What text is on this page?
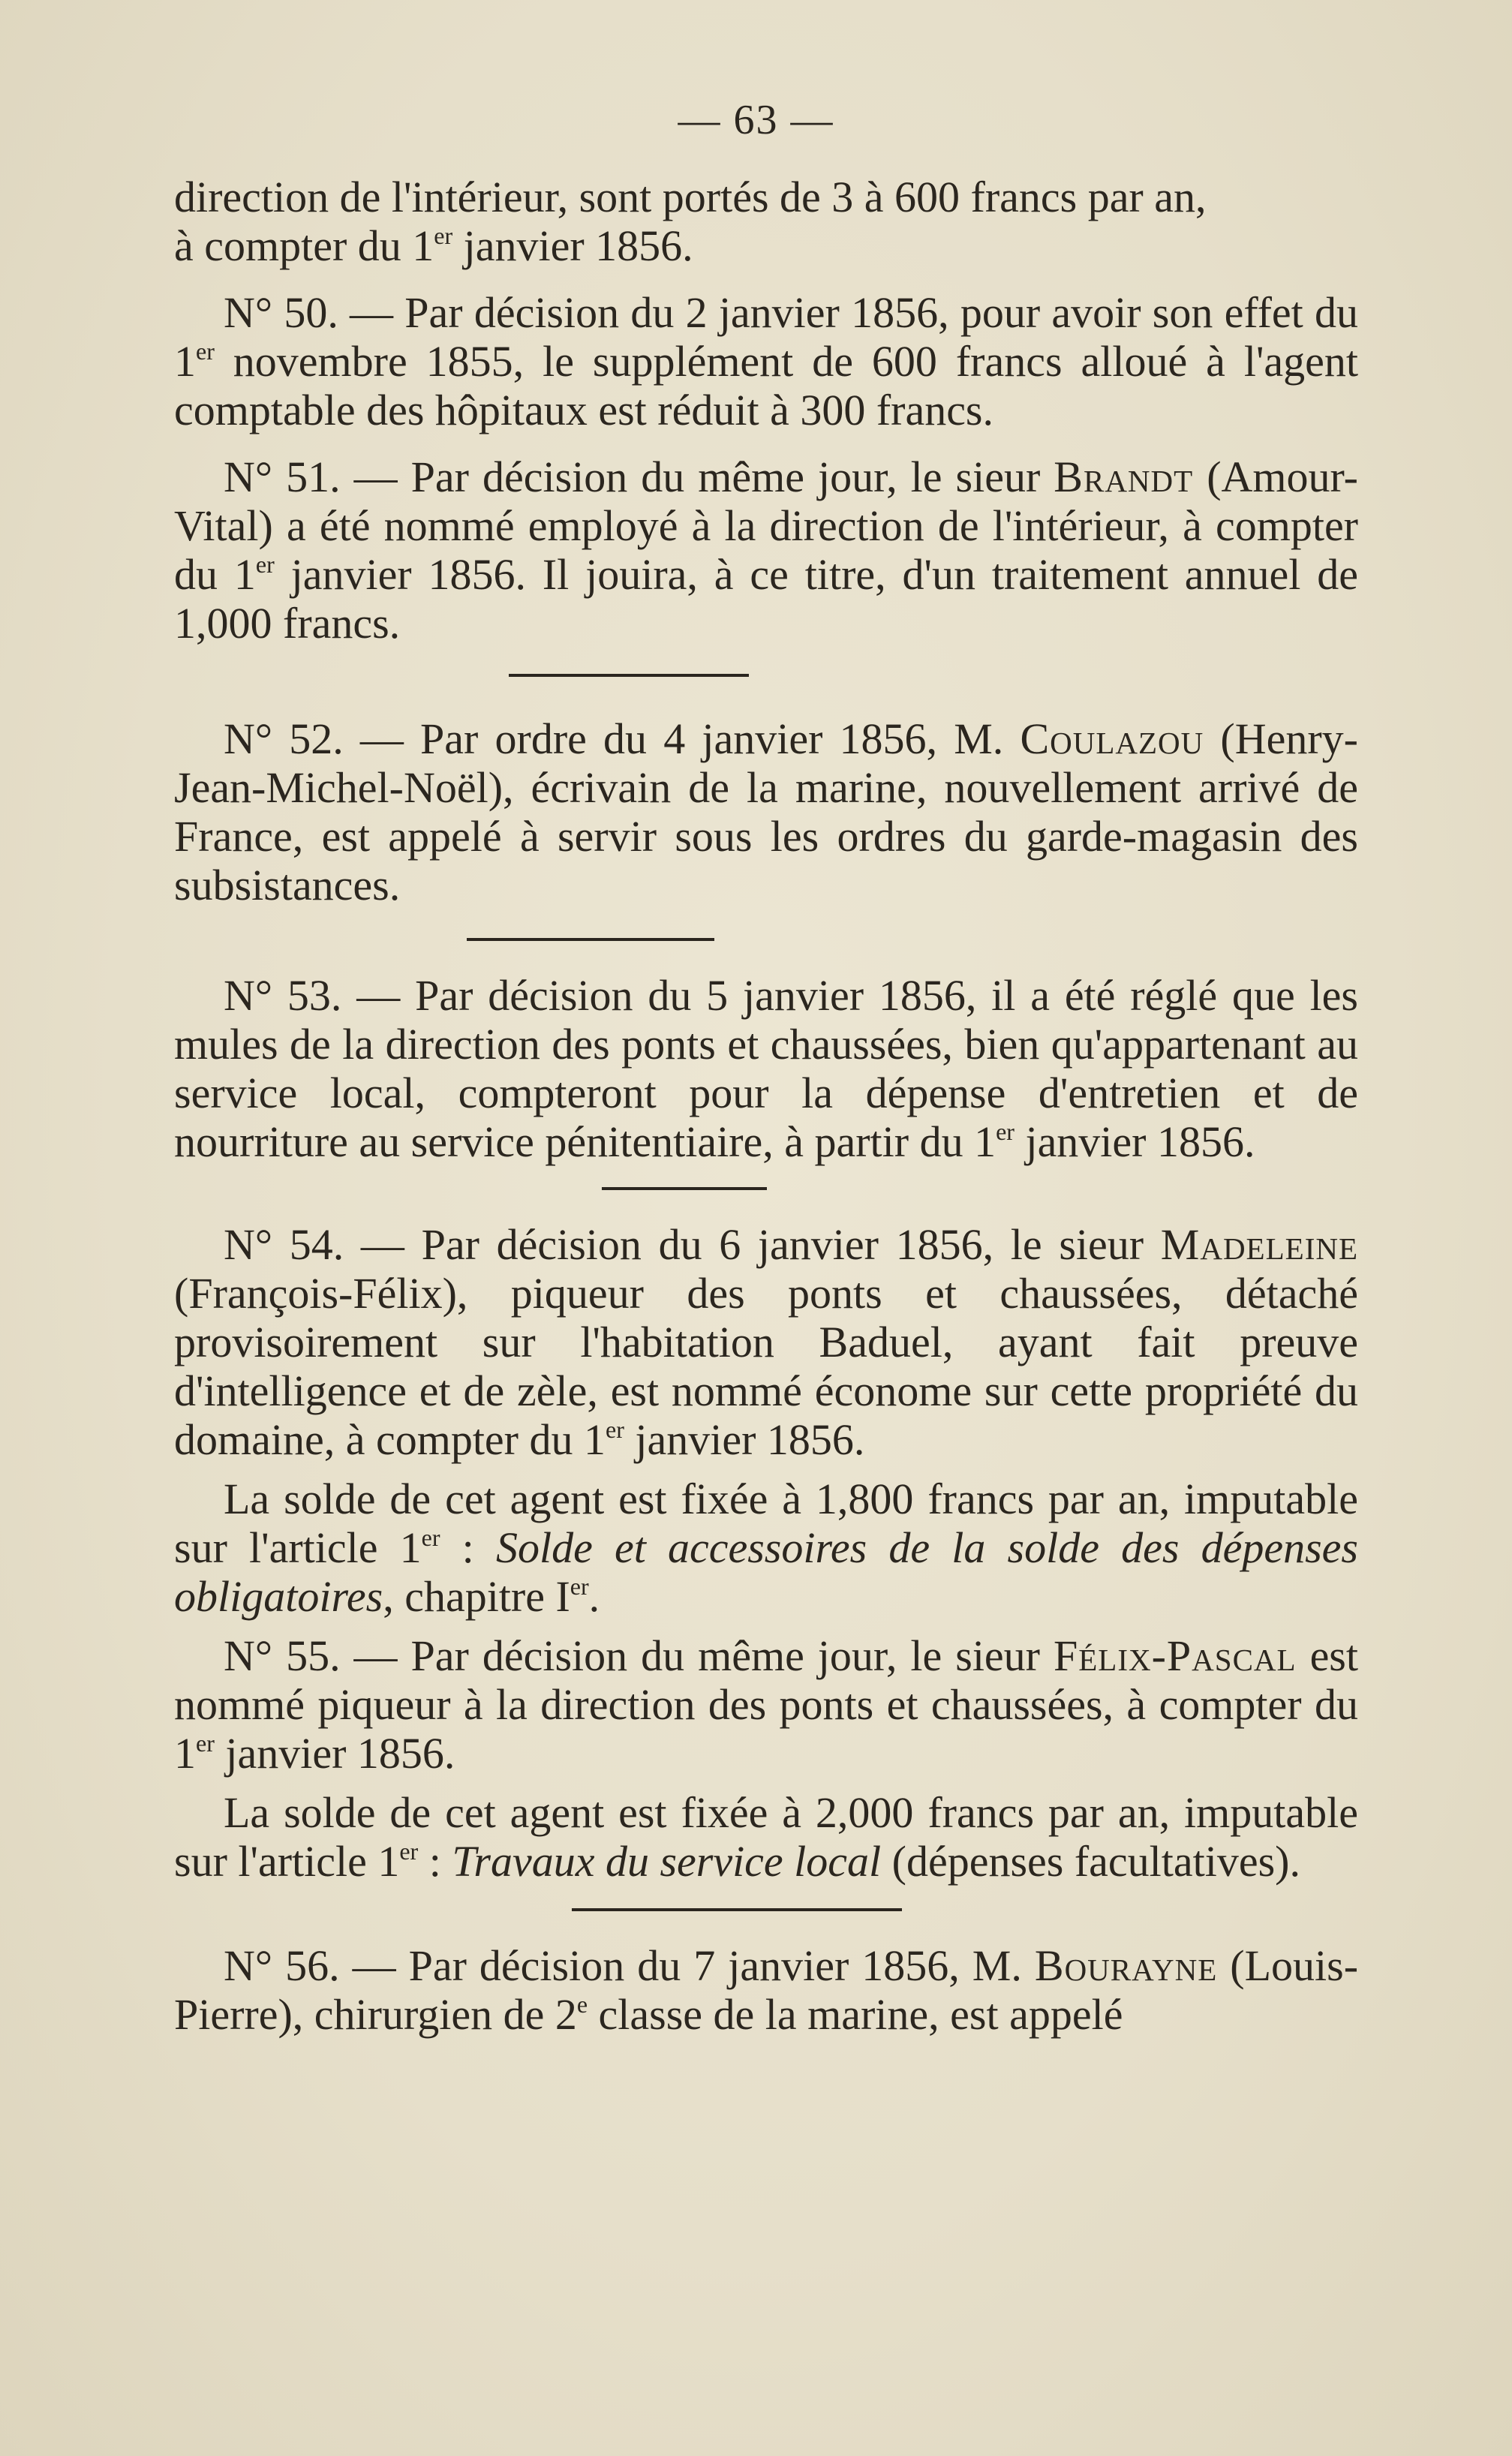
— 63 —

direction de l'intérieur, sont portés de 3 à 600 francs par an,
à compter du 1er janvier 1856.

N° 50. — Par décision du 2 janvier 1856, pour avoir son effet du 1er novembre 1855, le supplément de 600 francs alloué à l'agent comptable des hôpitaux est réduit à 300 francs.

N° 51. — Par décision du même jour, le sieur Brandt (Amour-Vital) a été nommé employé à la direction de l'intérieur, à compter du 1er janvier 1856. Il jouira, à ce titre, d'un traitement annuel de 1,000 francs.

N° 52. — Par ordre du 4 janvier 1856, M. Coulazou (Henry-Jean-Michel-Noël), écrivain de la marine, nouvellement arrivé de France, est appelé à servir sous les ordres du garde-magasin des subsistances.

N° 53. — Par décision du 5 janvier 1856, il a été réglé que les mules de la direction des ponts et chaussées, bien qu'appartenant au service local, compteront pour la dépense d'entretien et de nourriture au service pénitentiaire, à partir du 1er janvier 1856.

N° 54. — Par décision du 6 janvier 1856, le sieur Madeleine (François-Félix), piqueur des ponts et chaussées, détaché provisoirement sur l'habitation Baduel, ayant fait preuve d'intelligence et de zèle, est nommé économe sur cette propriété du domaine, à compter du 1er janvier 1856.

La solde de cet agent est fixée à 1,800 francs par an, imputable sur l'article 1er : Solde et accessoires de la solde des dépenses obligatoires, chapitre Ier.

N° 55. — Par décision du même jour, le sieur Félix-Pascal est nommé piqueur à la direction des ponts et chaussées, à compter du 1er janvier 1856.

La solde de cet agent est fixée à 2,000 francs par an, imputable sur l'article 1er : Travaux du service local (dépenses facultatives).

N° 56. — Par décision du 7 janvier 1856, M. Bourayne (Louis-Pierre), chirurgien de 2e classe de la marine, est appelé
